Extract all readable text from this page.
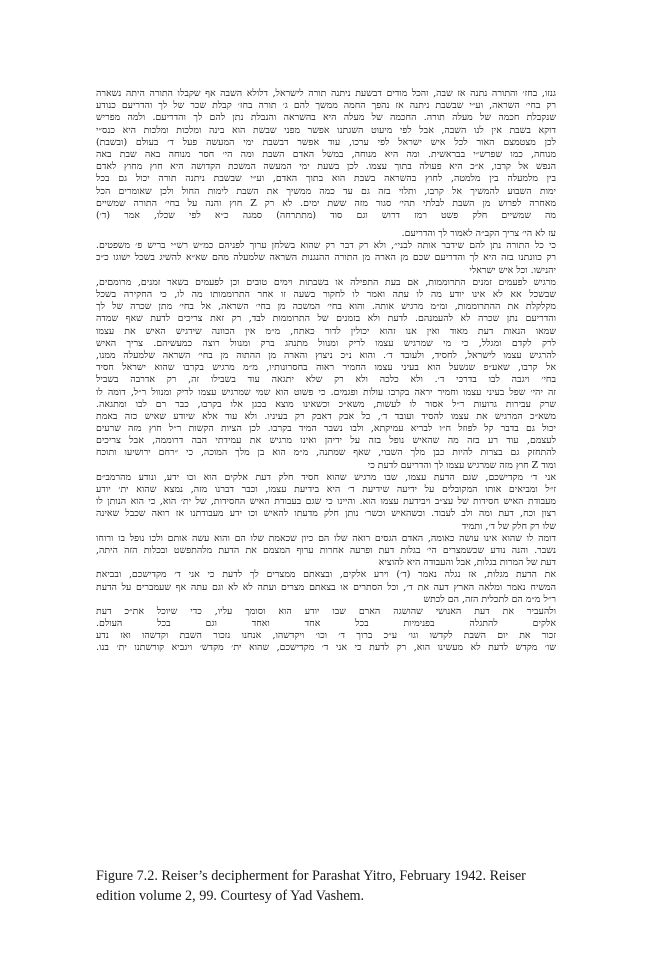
גנזו, בחז׳ והתורה נתנה אז שבה, והכל מודים דבשעת ניתנה תורה לישראל, דלולא השבה אף שקבלו התורה היתה נשארה
רק בחי׳ השראה, וע״י שבשבת ניתנה אז נהפך החמה ממשך להם ג׳ תורה בחז׳ קבלת שכר של לך והדריעם כנודע
שנקבלת חכמה של מעלה תורה. החכמה של מעלה היא בהשראה והנבלת נתן להם לך והדריעם. ולמה מפריש
דוקא בשבת אין לנו השבה, אבל לפי מיעוט השגתנו אפשר מפני שבשת הוא בינה ומלכות ומלכות היא כנס״י
לכן מצטמצם האור לכל איש ישראל לפי ערכו, עוד אפשר דבשבת ימי המעשה פעל ד׳ בעולם (ובשבת)
מנוחה, כמו שפרש״י בבראשית. ומה היא מנוחה, במשל האדם השבת ומה הי׳ חסר מנוחה באה שבת באה
הנפש אל קרבו, א״כ היא פעולה בתוך עצמו. לכן בשעת ימי המעשה המשכת הקדושה היא חוץ מחוץ לאדם
בין מלמעלה בין מלמטה, לחוץ בהשראה בשבת הוא בתוך האדם, וע״י שבשבת ניתנה תורה יכול גם בכל
ימות השבוע להמשיך אל קרבו, ותלוי בזה גם עד כמה ממשיך את השבת לימות החול ולכן שאומרים הכל
מאחרה לפרוש מן השבת לבלתי תהי׳ סגור מזה ששת ימים. לא רק Z חוץ והנה על בחי׳ התורה שמשיים
מה שמשיים חלק פשט רמז דרוש וגם סוד (מתתרחה) סמגה כ״א לפי שכלו, אמר (ד׳)
עז לא הי׳ צריך הקב״ה לאמור לך והדריעם.
כי כל התורה נתן להם שידבר אותה לבני״, ולא רק דבר רק שהוא בשלחן ערוך לפניהם כמ״ש רש״י בריש פ׳ משפטים.
רק כוונתנו בזה היא לך והדריעם שכם מן הארה מן התורה ההנגנות השראה שלמעלה מהם שא״א להשיג בשכל ישוגו כ״כ
יהנישו. וכל איש ישראלי
מרגיש לפעמים זמנים התרוממות, אם בעת התפילה או בשבתות וימים טובים וכן לפעמים בשאר זמנים, מרומםים,
שבשכל אא לא אינו יודע מה לו עתה ואמר לו לחקור בשעה זו אחר התרוממותו מה לו, כי החקירה בשכל
מקלקלת את ההתרוממות, ומ״מ מרגיש אותה. והוא בחי׳ המשכה מן בחי׳ השראה, אל בחי׳ מתן שכרה של לך
והדריעם נתן שכרה לא להעמנהם. לדעת ולא בזמנים של התרוממות לבד, רק זאת צריכים לדעת שאף שמדה
שמאו הנאות דעת מאוד ואין אנו זהוא יכולין לדור כאתח, מ״מ אין הכוונה שידגיש האיש את עצמו
לרק לקדם ומגלל, כי מי שמרגיש עצמו לריק ומנוול מתנהג ברק ומנוול רוצה כמעשיהם. צריך האיש
להרגיש עצמו לישראל, לחסיד, ולעובד ד׳. והוא נ״כ ניצוץ והארה מן ההתוה מן בחי׳ השראה שלמעלה ממנו,
אל קרבו, שאע״פ שנשעל הוא בעיני עצמו החמיר ראוה בחסרונותיו, מ״מ מרגיש בקרבו שהוא ישראל חסיד
בחי׳ ויגבה לבו בדרכי ד׳. ולא כלכה ולא רק שלא יתגאה עוד בשבילו זה, רק אדרבה בשביל
זה יהי׳ שפל בעיני עצמו וחמיר יראה בקרבו עולות ופגמים. כי פשוט הוא שמי שמרגיש עצמו לריק ומנוול ר״ל, דומה לו
שרק עבירות גרועות ר״ל אסור לו לעשות, משא״כ וכשאינו מוצא בכגן אלו בקרבו, כבר רם לבו ומתגאה.
משא״כ המרגיש את עצמו להסיד ועובד ד׳, כל אבק דאבק רק בעיניו. ולא עוד אלא שיודע שאיש כזה באמת
יכול גם בדבר קל לפוזל ח״ו לבריא עמיקתא, ולבו נשבר המיד בקרבו. לכן הציות הקשות ר״ל חוץ מזה שרעים
לעצמם, עוד רע בזה מה שהאיש נופל בזה על ידיהן ואינו מרגיש את עמידתי הבה דרוממה, אבל צריכים
להתחזק גם בצרות להיות כבן מלך השבוי, שאף שמתנה, מ״מ הוא בן מלך המוכה, כי ״רחם ירושיעו ותוכח
ומוד Z חוץ מזה שמרגיש עצמו לך והדריעם לדעת כי
אני ד׳ מקדישכם, שגם הדעת עצמו, שבו מרגיש שהוא חסיד חלק דעת אלקים הוא וכו ידע, ונודע מהרמב״ם
ז״ל ומביאים אותו המקובלים על ידיעה שידיעת ד׳ היא בידיעת עצמו, וכבר דברנו מזה, נמצא שהוא ית׳ יודע
מעבודת האיש חסידות של עצ״ב ויבידעת עצמו הוא. והיינו כי שגם בעבודת האיש החסידות, של ית׳ הוא, כי הוא הנותן לו
רצון וכח, דעת ומה ולב לעבוד. וכשהאיש וכשר׳ נותן חלק מדעתו להאיש וכו ידע מעבודתנו אז רואה שכבל שאינה
שלו רק חלק של ד׳, ותמיד
דומה לו שהוא אינו עושה כאומה, האדם הגסים רואה שלו הם כיון שכאמת שלו הם והוא עשה אותם ולכו נופל בו ורוחו
נשבר. והנה נודע שכשמצרים הי׳ בגלות דעת ופרעה אחרות ערוף המצמם את הדעת מלהתפשט ובכלות הזה היתה,
דעת של המרות בגלות, אבל והעבודה היא להוציא
את הדעת מגלות, אז נגלה נאמר (ד׳) וירע אלקים, ובצאתם ממצרים לך לדעת כי אני ד׳ מקדישכם, ובביאת
המשיח נאמר ומלאה הארץ דעה את ד׳, וכל הסתרים או בצאתם מצרים ועתה לא לא וגם עתה אף שעמברים על הדעת
ר״ל מ״מ הם לתכלית הזה, הם לכתש
ולהעביר את דעת האנושי שהושגה הארם שבו יודע הוא וסומך עליו, כדי שיוכל את״כ דעת
אלקים להתגלה בפנימיות בכל אחד ואחד וגם בכל העולם.
זכור את יום השבת לקדשו וגו׳ ע״כ ברוך ד׳ וכו׳ ויקדשהו, אנחנו נזכור השבת וקדשהו ואז נדע
שו׳ מקדש לדעת לא מעשינו הוא, רק לדעת כי אני ד׳ מקדישכם, שהוא ית׳ מקדש׳ ויגביא קורשתנו ית׳ בנו.
Figure 7.2. Reiser’s decipherment for Parashat Yitro, February 1942. Reiser edition volume 2, 99. Courtesy of Yad Vashem.
